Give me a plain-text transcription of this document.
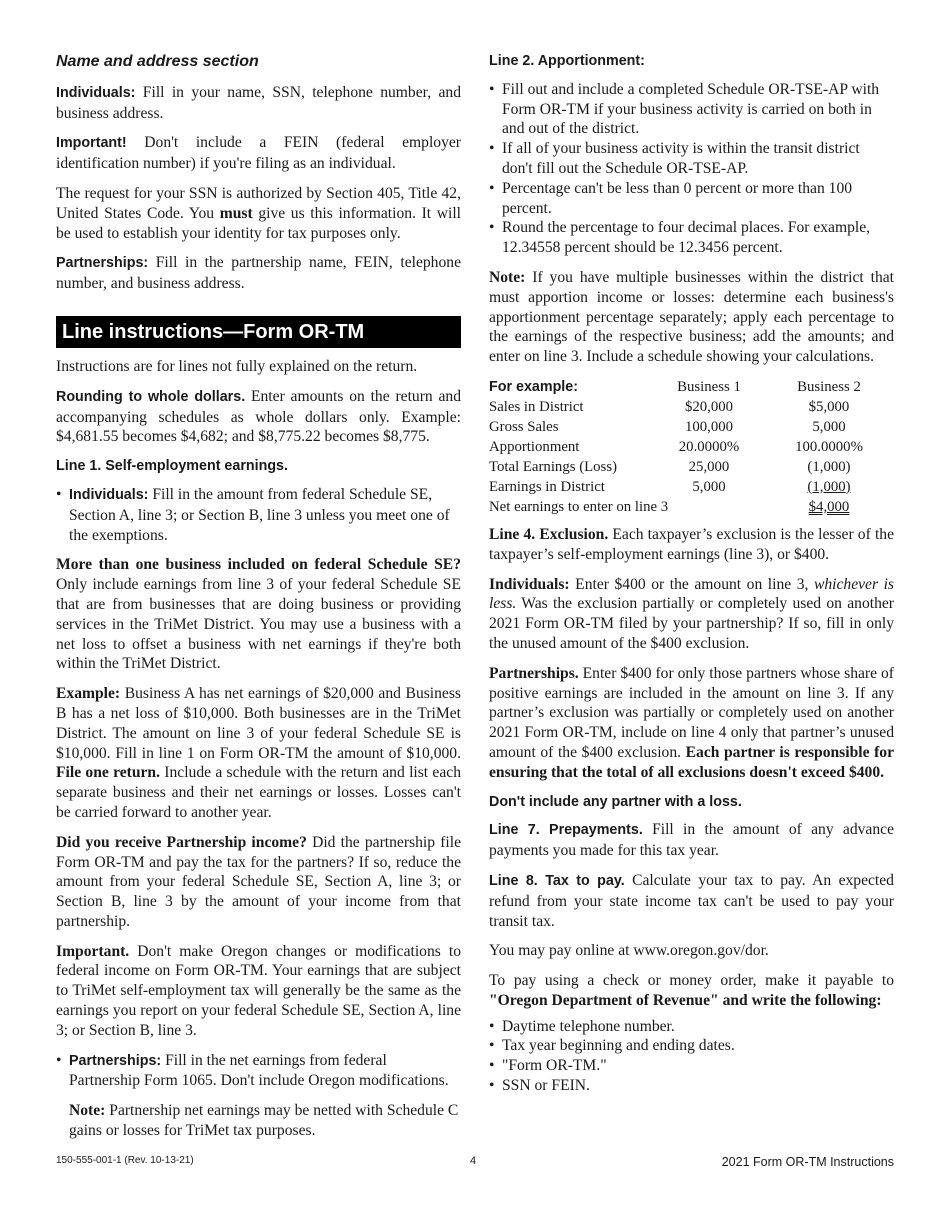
Name and address section

Individuals: Fill in your name, SSN, telephone number, and business address.

Important! Don't include a FEIN (federal employer identification number) if you're filing as an individual.

The request for your SSN is authorized by Section 405, Title 42, United States Code. You must give us this information. It will be used to establish your identity for tax purposes only.

Partnerships: Fill in the partnership name, FEIN, telephone number, and business address.

Line instructions—Form OR-TM

Instructions are for lines not fully explained on the return.

Rounding to whole dollars. Enter amounts on the return and accompanying schedules as whole dollars only. Example: $4,681.55 becomes $4,682; and $8,775.22 becomes $8,775.

Line 1. Self-employment earnings.
• Individuals: Fill in the amount from federal Schedule SE, Section A, line 3; or Section B, line 3 unless you meet one of the exemptions.

More than one business included on federal Schedule SE? Only include earnings from line 3 of your federal Schedule SE that are from businesses that are doing business or providing services in the TriMet District. You may use a business with a net loss to offset a business with net earnings if they're both within the TriMet District.

Example: Business A has net earnings of $20,000 and Business B has a net loss of $10,000. Both businesses are in the TriMet District. The amount on line 3 of your federal Schedule SE is $10,000. Fill in line 1 on Form OR-TM the amount of $10,000. File one return. Include a schedule with the return and list each separate business and their net earnings or losses. Losses can't be carried forward to another year.

Did you receive Partnership income? Did the partnership file Form OR-TM and pay the tax for the partners? If so, reduce the amount from your federal Schedule SE, Section A, line 3; or Section B, line 3 by the amount of your income from that partnership.

Important. Don't make Oregon changes or modifications to federal income on Form OR-TM. Your earnings that are subject to TriMet self-employment tax will generally be the same as the earnings you report on your federal Schedule SE, Section A, line 3; or Section B, line 3.

• Partnerships: Fill in the net earnings from federal Partnership Form 1065. Don't include Oregon modifications.

Note: Partnership net earnings may be netted with Schedule C gains or losses for TriMet tax purposes.

Line 2. Apportionment:
• Fill out and include a completed Schedule OR-TSE-AP with Form OR-TM if your business activity is carried on both in and out of the district.
• If all of your business activity is within the transit district don't fill out the Schedule OR-TSE-AP.
• Percentage can't be less than 0 percent or more than 100 percent.
• Round the percentage to four decimal places. For example, 12.34558 percent should be 12.3456 percent.

Note: If you have multiple businesses within the district that must apportion income or losses: determine each business's apportionment percentage separately; apply each percentage to the earnings of the respective business; add the amounts; and enter on line 3. Include a schedule showing your calculations.

For example:	Business 1	Business 2
Sales in District	$20,000	$5,000
Gross Sales	100,000	5,000
Apportionment	20.0000%	100.0000%
Total Earnings (Loss)	25,000	(1,000)
Earnings in District	5,000	(1,000)
Net earnings to enter on line 3		$4,000

Line 4. Exclusion. Each taxpayer’s exclusion is the lesser of the taxpayer’s self-employment earnings (line 3), or $400.

Individuals: Enter $400 or the amount on line 3, whichever is less. Was the exclusion partially or completely used on another 2021 Form OR-TM filed by your partnership? If so, fill in only the unused amount of the $400 exclusion.

Partnerships. Enter $400 for only those partners whose share of positive earnings are included in the amount on line 3. If any partner’s exclusion was partially or completely used on another 2021 Form OR-TM, include on line 4 only that partner’s unused amount of the $400 exclusion. Each partner is responsible for ensuring that the total of all exclusions doesn't exceed $400.

Don't include any partner with a loss.

Line 7. Prepayments. Fill in the amount of any advance payments you made for this tax year.

Line 8. Tax to pay. Calculate your tax to pay. An expected refund from your state income tax can't be used to pay your transit tax.

You may pay online at www.oregon.gov/dor.

To pay using a check or money order, make it payable to "Oregon Department of Revenue" and write the following:

• Daytime telephone number.
• Tax year beginning and ending dates.
• "Form OR-TM."
• SSN or FEIN.
150-555-001-1 (Rev. 10-13-21)	4	2021 Form OR-TM Instructions
